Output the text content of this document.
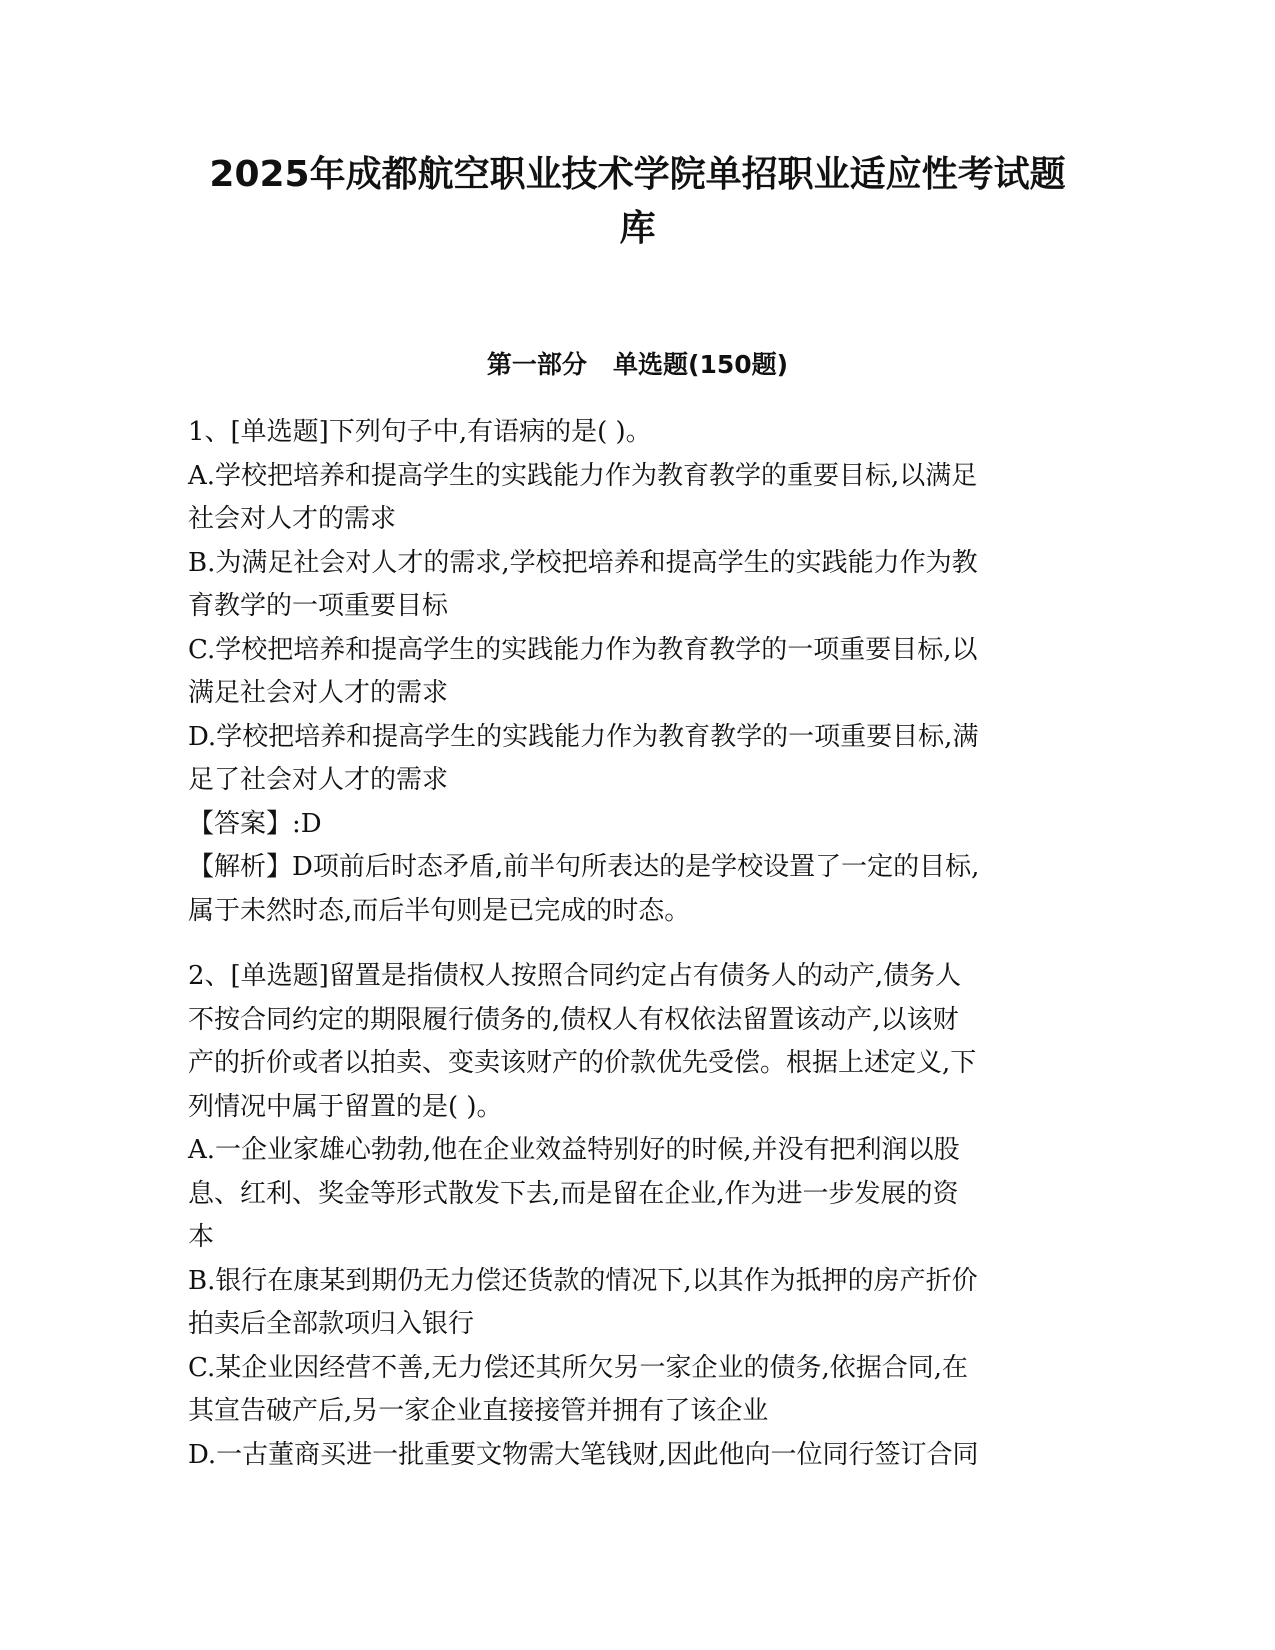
2025年成都航空职业技术学院单招职业适应性考试题
库
第一部分   单选题(150题)
1、[单选题]下列句子中,有语病的是( )。
A.学校把培养和提高学生的实践能力作为教育教学的重要目标,以满足
社会对人才的需求
B.为满足社会对人才的需求,学校把培养和提高学生的实践能力作为教
育教学的一项重要目标
C.学校把培养和提高学生的实践能力作为教育教学的一项重要目标,以
满足社会对人才的需求
D.学校把培养和提高学生的实践能力作为教育教学的一项重要目标,满
足了社会对人才的需求
【答案】:D
【解析】D项前后时态矛盾,前半句所表达的是学校设置了一定的目标,
属于未然时态,而后半句则是已完成的时态。
2、[单选题]留置是指债权人按照合同约定占有债务人的动产,债务人
不按合同约定的期限履行债务的,债权人有权依法留置该动产,以该财
产的折价或者以拍卖、变卖该财产的价款优先受偿。根据上述定义,下
列情况中属于留置的是( )。
A.一企业家雄心勃勃,他在企业效益特别好的时候,并没有把利润以股
息、红利、奖金等形式散发下去,而是留在企业,作为进一步发展的资
本
B.银行在康某到期仍无力偿还货款的情况下,以其作为抵押的房产折价
拍卖后全部款项归入银行
C.某企业因经营不善,无力偿还其所欠另一家企业的债务,依据合同,在
其宣告破产后,另一家企业直接接管并拥有了该企业
D.一古董商买进一批重要文物需大笔钱财,因此他向一位同行签订合同
